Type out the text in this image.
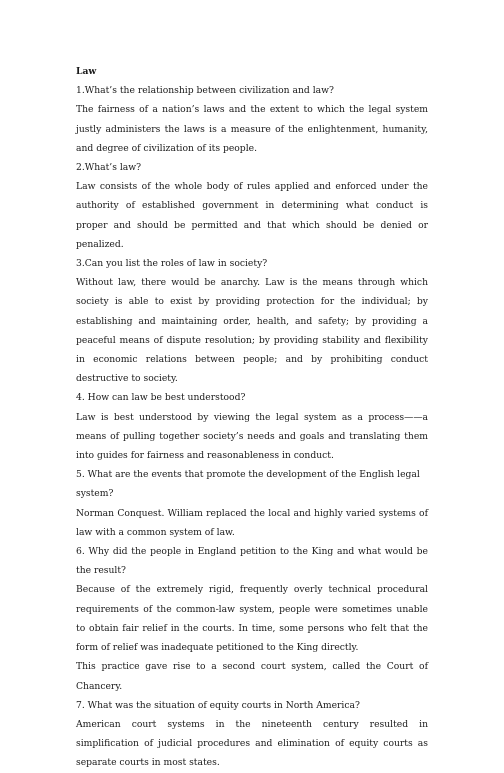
Law

1.What’s the relationship between civilization and law?

The fairness of a nation’s laws and the extent to which the legal system justly administers the laws is a measure of the enlightenment, humanity, and degree of civilization of its people.

2.What’s law?

Law consists of the whole body of rules applied and enforced under the authority of established government in determining what conduct is proper and should be permitted and that which should be denied or penalized.

3.Can you list the roles of law in society?

Without law, there would be anarchy. Law is the means through which society is able to exist by providing protection for the individual; by establishing and maintaining order, health, and safety; by providing a peaceful means of dispute resolution; by providing stability and flexibility in economic relations between people; and by prohibiting conduct destructive to society.

4. How can law be best understood?

Law is best understood by viewing the legal system as a process——a means of pulling together society’s needs and goals and translating them into guides for fairness and reasonableness in conduct.

5. What are the events that promote the development of the English legal system?

Norman Conquest. William replaced the local and highly varied systems of law with a common system of law.

6. Why did the people in England petition to the King and what would be the result?

Because of the extremely rigid, frequently overly technical procedural requirements of the common-law system, people were sometimes unable to obtain fair relief in the courts. In time, some persons who felt that the form of relief was inadequate petitioned to the King directly.

This practice gave rise to a second court system, called the Court of Chancery.

7. What was the situation of equity courts in North America?

American court systems in the nineteenth century resulted in simplification of judicial procedures and elimination of equity courts as separate courts in most states.
